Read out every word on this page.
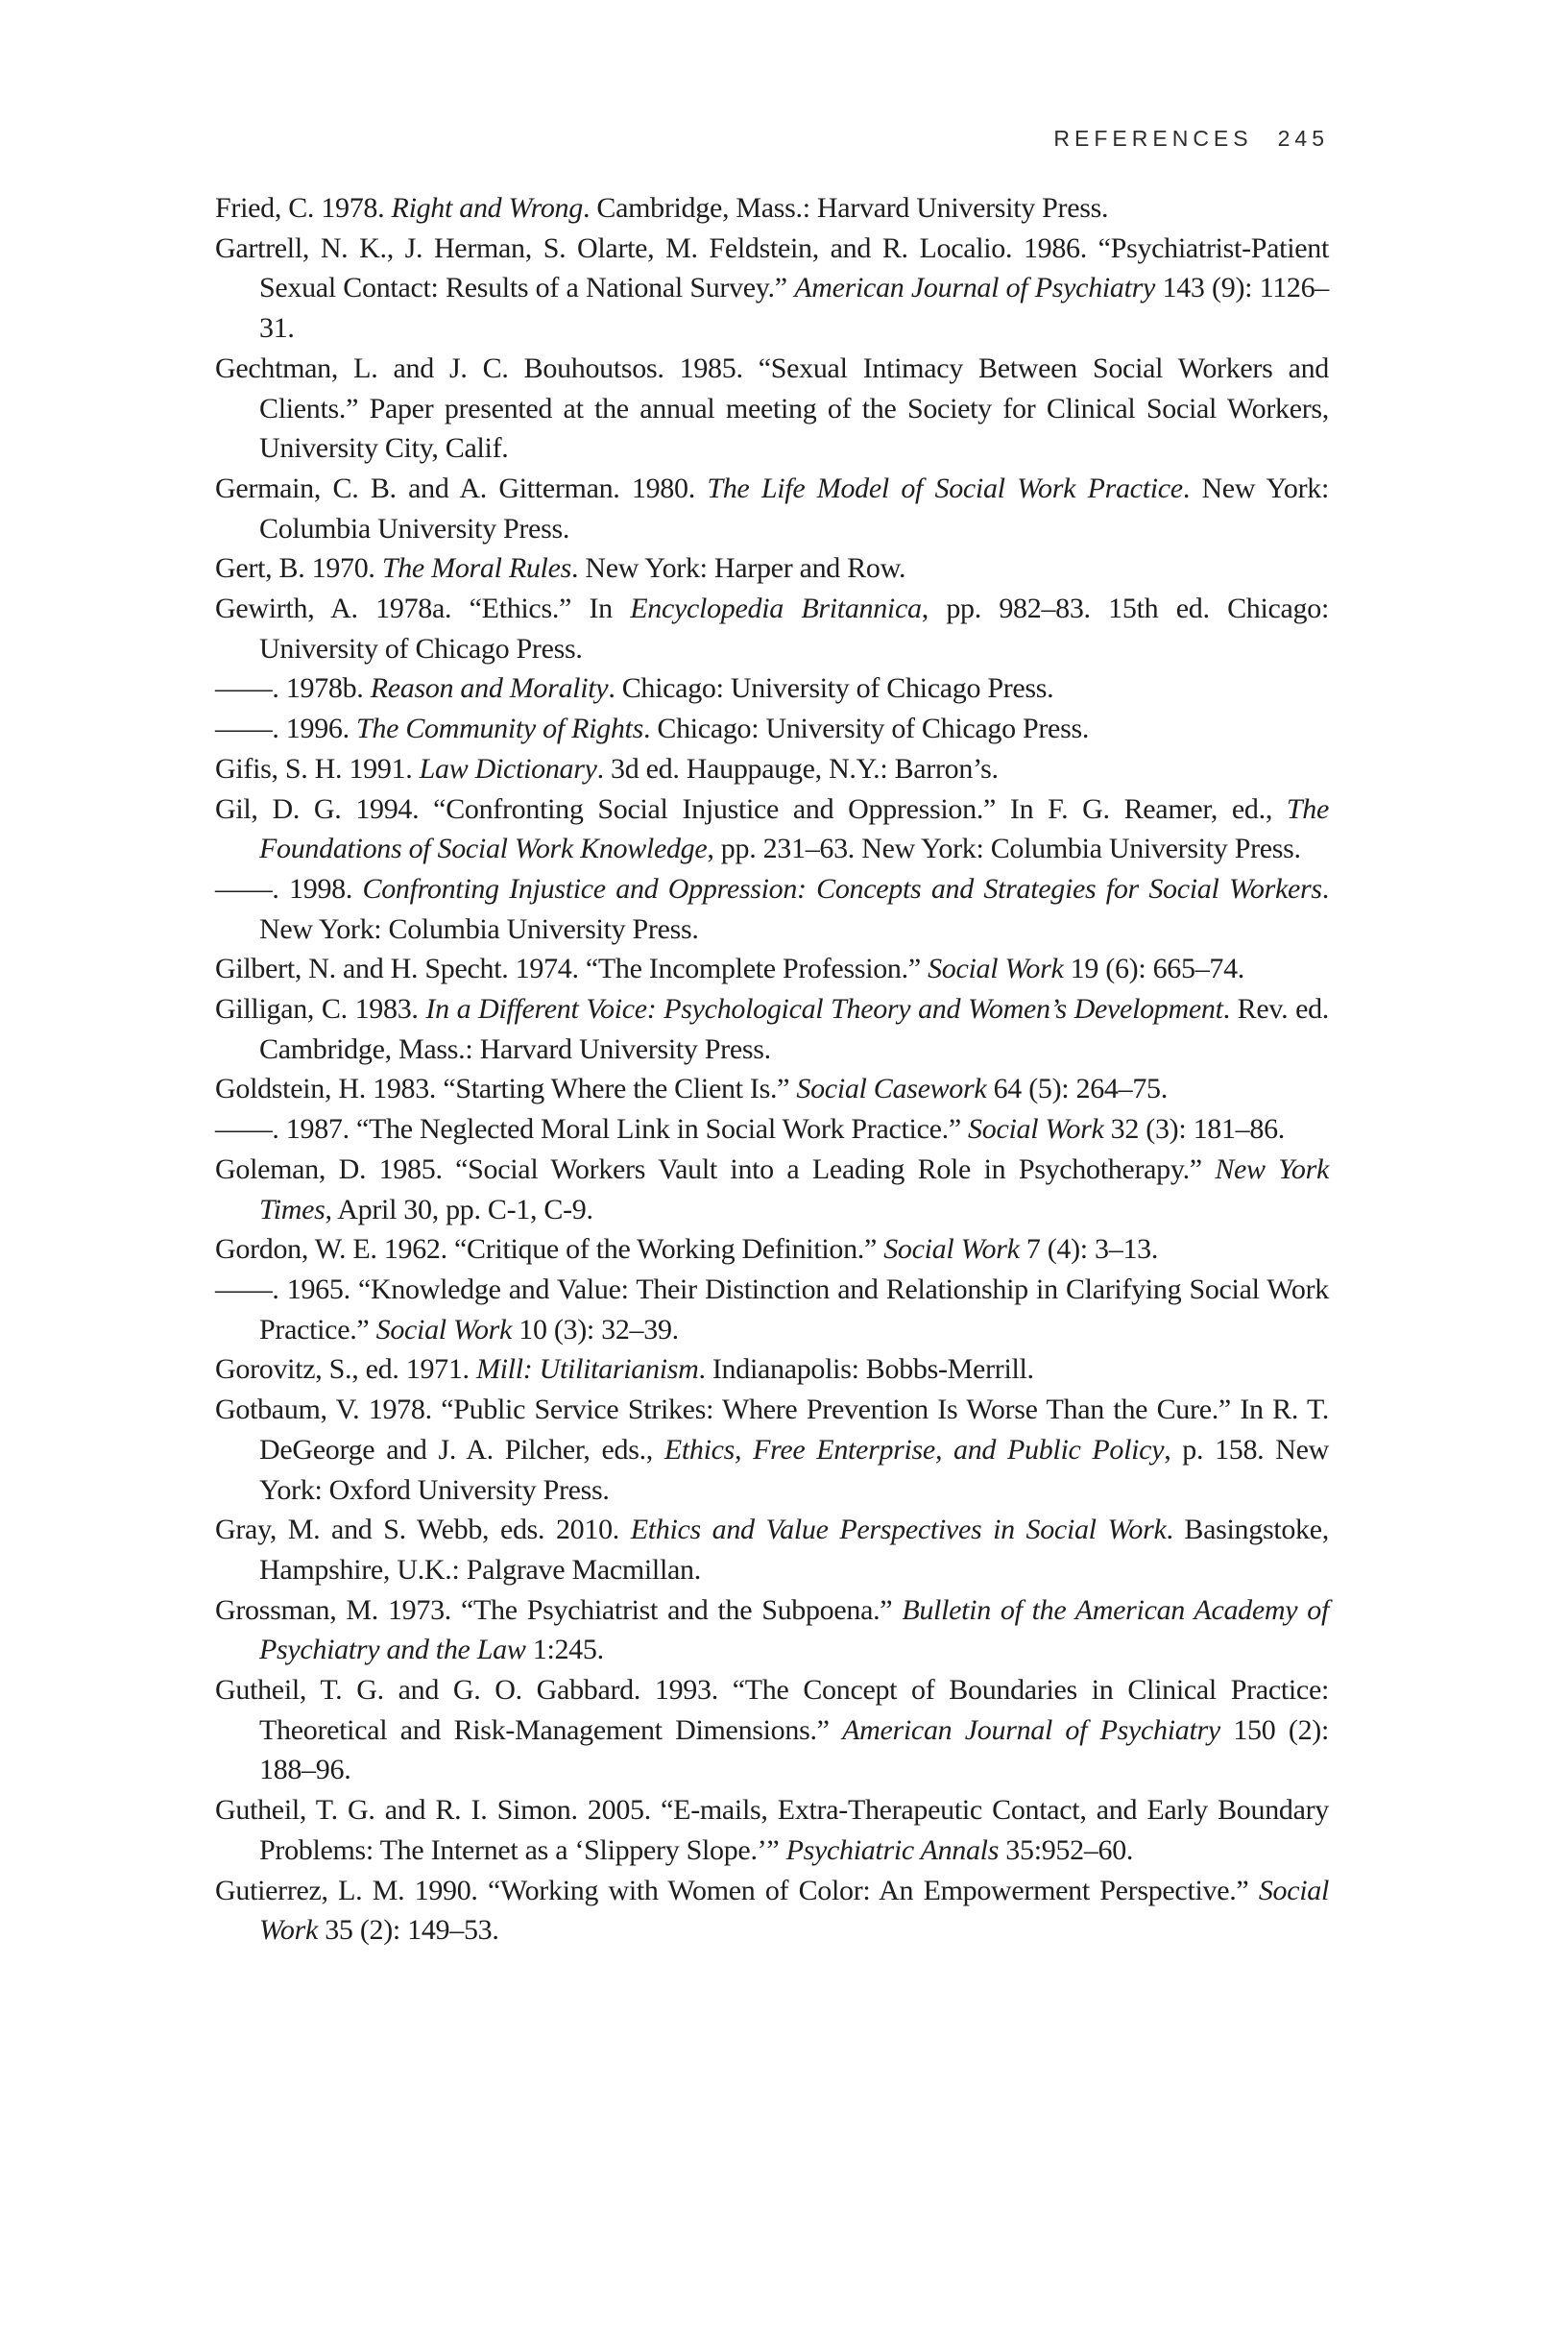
REFERENCES 245

Fried, C. 1978. Right and Wrong. Cambridge, Mass.: Harvard University Press.

Gartrell, N. K., J. Herman, S. Olarte, M. Feldstein, and R. Localio. 1986. “Psychiatrist-Patient Sexual Contact: Results of a National Survey.” American Journal of Psychiatry 143 (9): 1126–31.

Gechtman, L. and J. C. Bouhoutsos. 1985. “Sexual Intimacy Between Social Workers and Clients.” Paper presented at the annual meeting of the Society for Clinical Social Workers, University City, Calif.

Germain, C. B. and A. Gitterman. 1980. The Life Model of Social Work Practice. New York: Columbia University Press.

Gert, B. 1970. The Moral Rules. New York: Harper and Row.

Gewirth, A. 1978a. “Ethics.” In Encyclopedia Britannica, pp. 982–83. 15th ed. Chicago: University of Chicago Press.

——. 1978b. Reason and Morality. Chicago: University of Chicago Press.

——. 1996. The Community of Rights. Chicago: University of Chicago Press.

Gifis, S. H. 1991. Law Dictionary. 3d ed. Hauppauge, N.Y.: Barron’s.

Gil, D. G. 1994. “Confronting Social Injustice and Oppression.” In F. G. Reamer, ed., The Foundations of Social Work Knowledge, pp. 231–63. New York: Columbia University Press.

——. 1998. Confronting Injustice and Oppression: Concepts and Strategies for Social Workers. New York: Columbia University Press.

Gilbert, N. and H. Specht. 1974. “The Incomplete Profession.” Social Work 19 (6): 665–74.

Gilligan, C. 1983. In a Different Voice: Psychological Theory and Women’s Development. Rev. ed. Cambridge, Mass.: Harvard University Press.

Goldstein, H. 1983. “Starting Where the Client Is.” Social Casework 64 (5): 264–75.

——. 1987. “The Neglected Moral Link in Social Work Practice.” Social Work 32 (3): 181–86.

Goleman, D. 1985. “Social Workers Vault into a Leading Role in Psychotherapy.” New York Times, April 30, pp. C-1, C-9.

Gordon, W. E. 1962. “Critique of the Working Definition.” Social Work 7 (4): 3–13.

——. 1965. “Knowledge and Value: Their Distinction and Relationship in Clarifying Social Work Practice.” Social Work 10 (3): 32–39.

Gorovitz, S., ed. 1971. Mill: Utilitarianism. Indianapolis: Bobbs-Merrill.

Gotbaum, V. 1978. “Public Service Strikes: Where Prevention Is Worse Than the Cure.” In R. T. DeGeorge and J. A. Pilcher, eds., Ethics, Free Enterprise, and Public Policy, p. 158. New York: Oxford University Press.

Gray, M. and S. Webb, eds. 2010. Ethics and Value Perspectives in Social Work. Basingstoke, Hampshire, U.K.: Palgrave Macmillan.

Grossman, M. 1973. “The Psychiatrist and the Subpoena.” Bulletin of the American Academy of Psychiatry and the Law 1:245.

Gutheil, T. G. and G. O. Gabbard. 1993. “The Concept of Boundaries in Clinical Practice: Theoretical and Risk-Management Dimensions.” American Journal of Psychiatry 150 (2): 188–96.

Gutheil, T. G. and R. I. Simon. 2005. “E-mails, Extra-Therapeutic Contact, and Early Boundary Problems: The Internet as a ‘Slippery Slope.’” Psychiatric Annals 35:952–60.

Gutierrez, L. M. 1990. “Working with Women of Color: An Empowerment Perspective.” Social Work 35 (2): 149–53.
